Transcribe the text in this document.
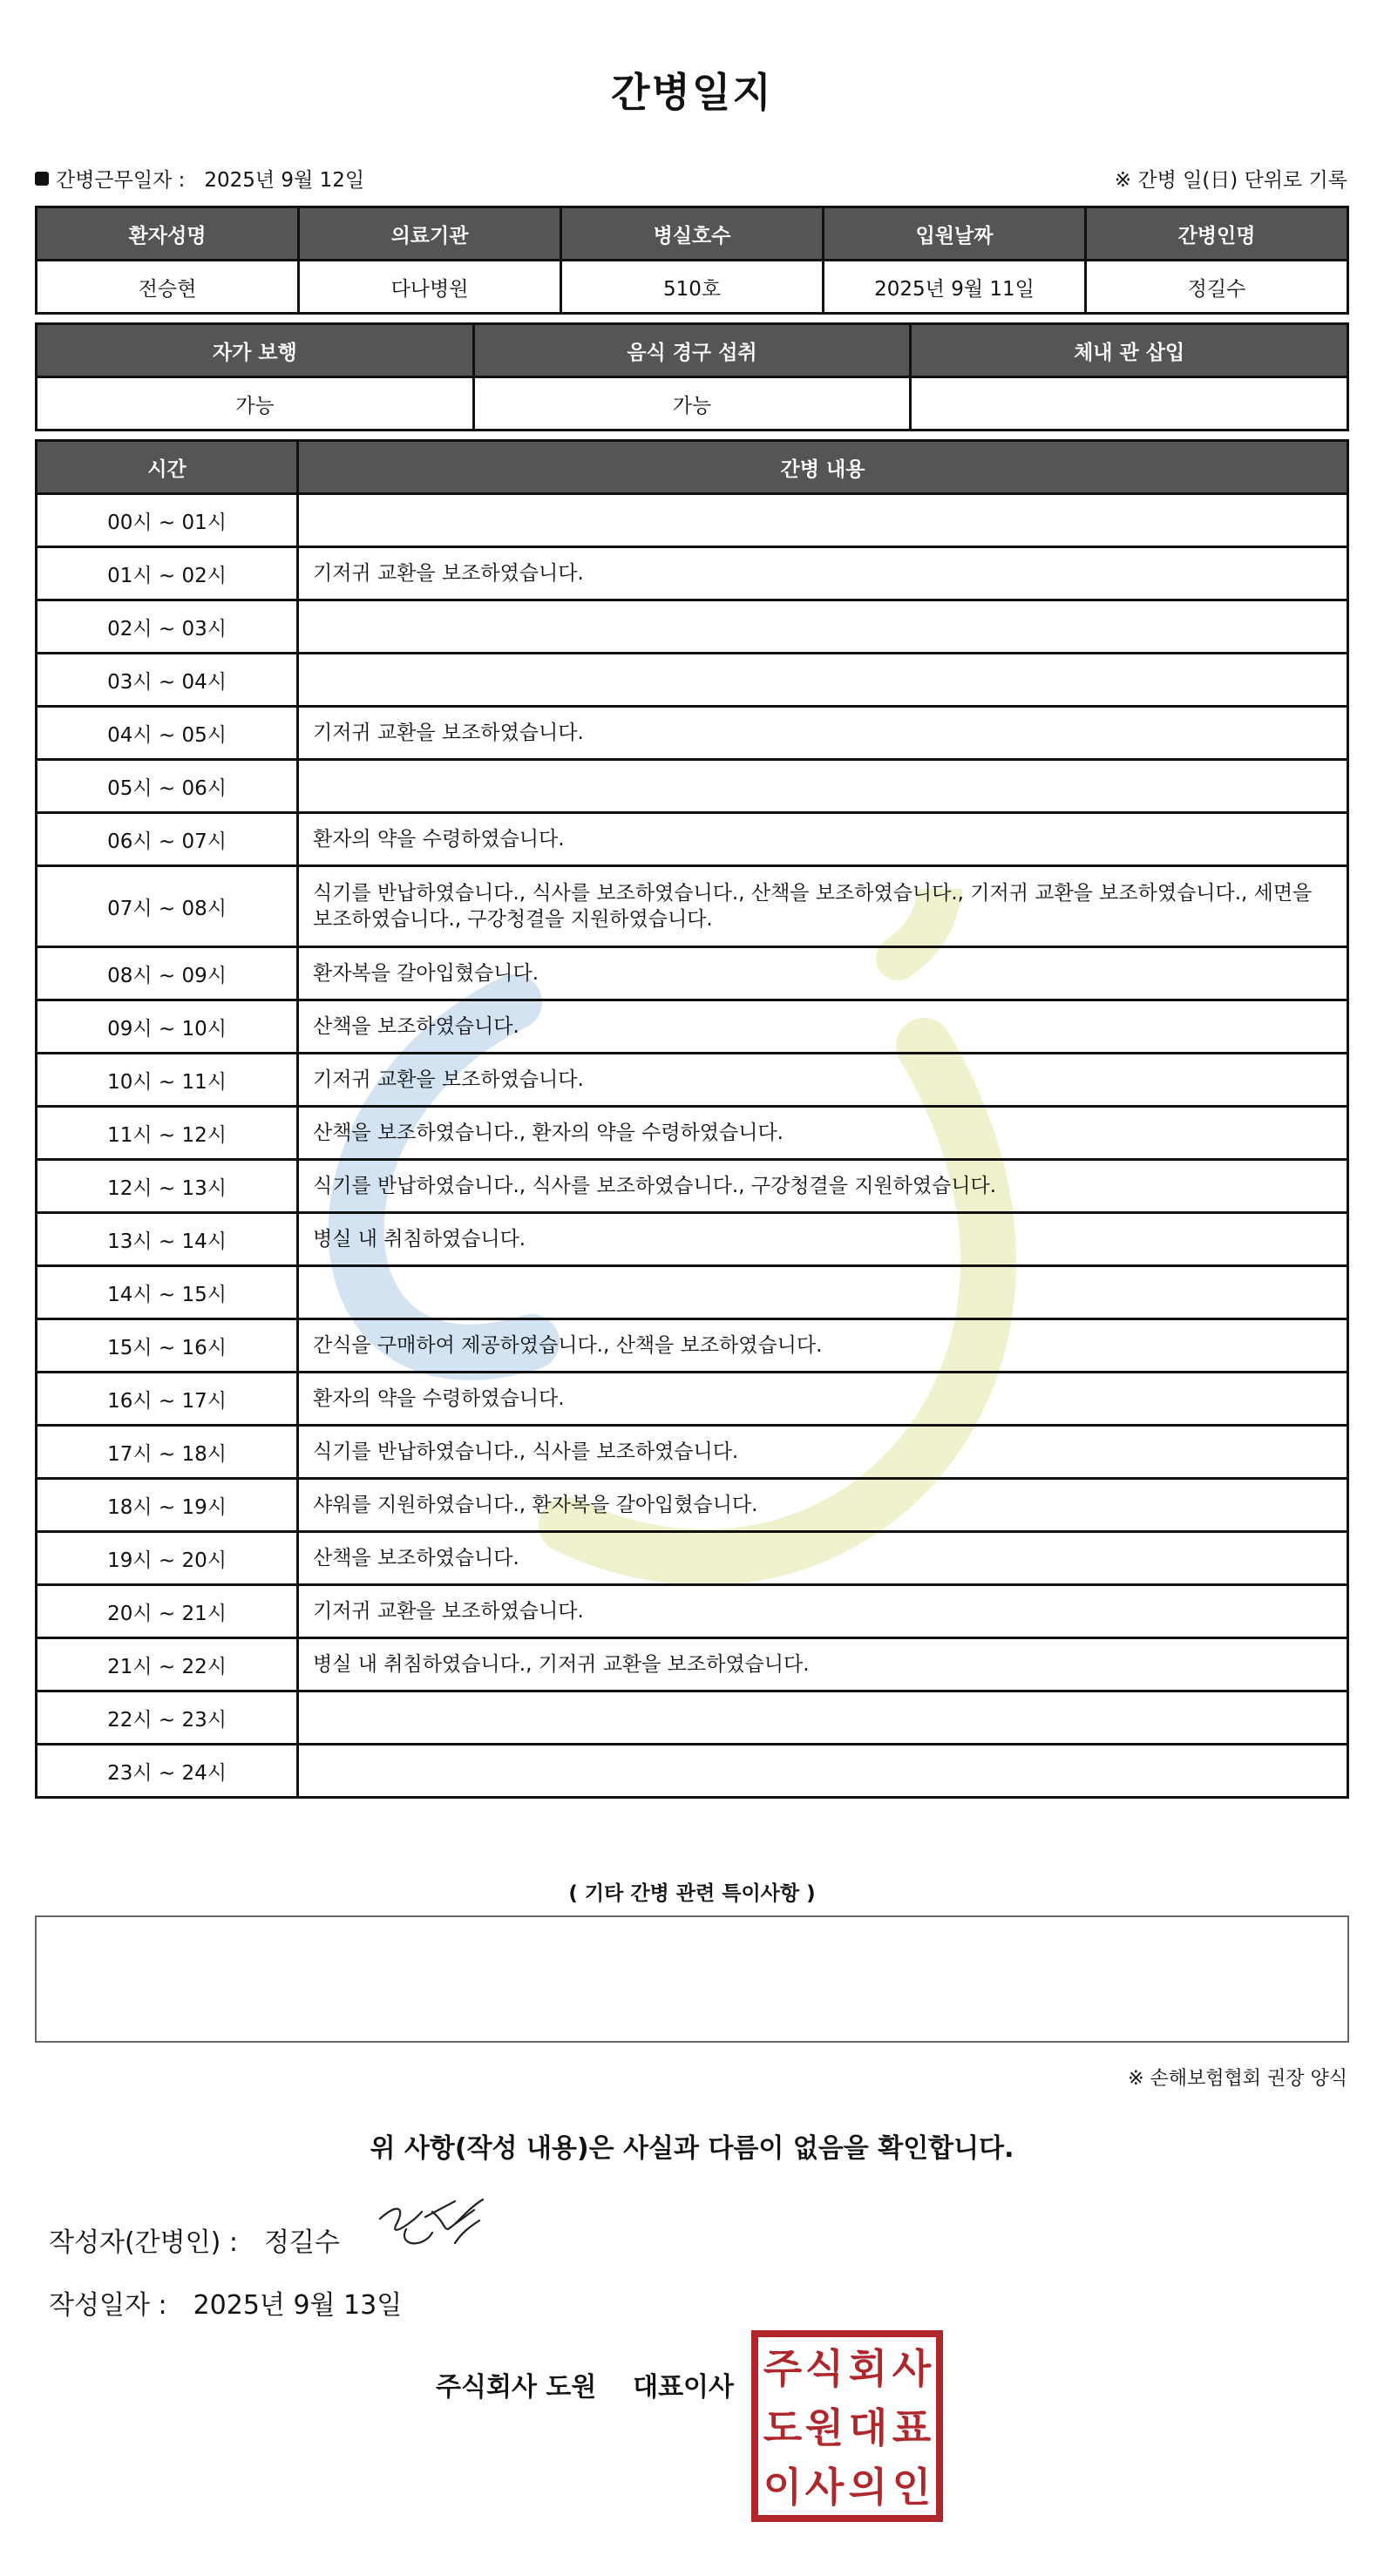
간병일지
간병근무일자 : 2025년 9월 12일	※ 간병 일(日) 단위로 기록
환자성명	의료기관	병실호수	입원날짜	간병인명
전승현	다나병원	510호	2025년 9월 11일	정길수
자가 보행	음식 경구 섭취	체내 관 삽입
가능	가능	
시간	간병 내용
00시 ~ 01시	
01시 ~ 02시	기저귀 교환을 보조하였습니다.
02시 ~ 03시	
03시 ~ 04시	
04시 ~ 05시	기저귀 교환을 보조하였습니다.
05시 ~ 06시	
06시 ~ 07시	환자의 약을 수령하였습니다.
07시 ~ 08시	식기를 반납하였습니다., 식사를 보조하였습니다., 산책을 보조하였습니다., 기저귀 교환을 보조하였습니다., 세면을 보조하였습니다., 구강청결을 지원하였습니다.
08시 ~ 09시	환자복을 갈아입혔습니다.
09시 ~ 10시	산책을 보조하였습니다.
10시 ~ 11시	기저귀 교환을 보조하였습니다.
11시 ~ 12시	산책을 보조하였습니다., 환자의 약을 수령하였습니다.
12시 ~ 13시	식기를 반납하였습니다., 식사를 보조하였습니다., 구강청결을 지원하였습니다.
13시 ~ 14시	병실 내 취침하였습니다.
14시 ~ 15시	
15시 ~ 16시	간식을 구매하여 제공하였습니다., 산책을 보조하였습니다.
16시 ~ 17시	환자의 약을 수령하였습니다.
17시 ~ 18시	식기를 반납하였습니다., 식사를 보조하였습니다.
18시 ~ 19시	샤워를 지원하였습니다., 환자복을 갈아입혔습니다.
19시 ~ 20시	산책을 보조하였습니다.
20시 ~ 21시	기저귀 교환을 보조하였습니다.
21시 ~ 22시	병실 내 취침하였습니다., 기저귀 교환을 보조하였습니다.
22시 ~ 23시	
23시 ~ 24시	
( 기타 간병 관련 특이사항 )
※ 손해보험협회 권장 양식
위 사항(작성 내용)은 사실과 다름이 없음을 확인합니다.
작성자(간병인) : 정길수
작성일자 : 2025년 9월 13일
주식회사 도원    대표이사 주 식 회 사
도 원 대 표
이 사 의 인
